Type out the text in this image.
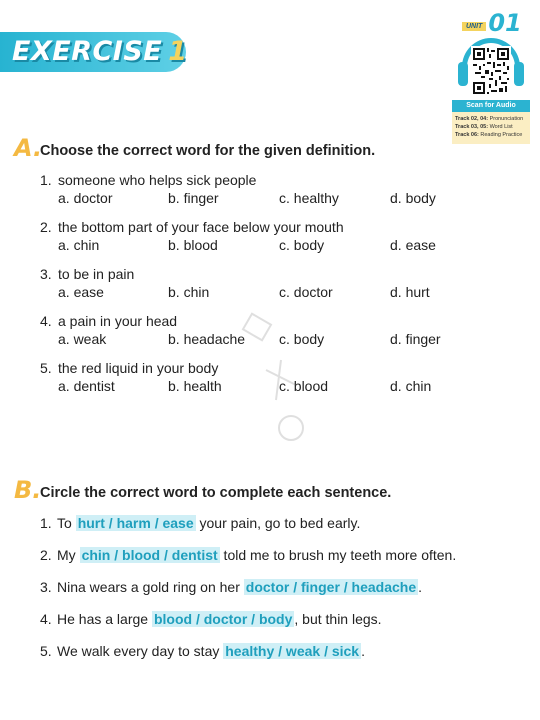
EXERCISE 1
UNIT 01
Scan for Audio
Track 02, 04: Pronunciation
Track 03, 05: Word List
Track 06: Reading Practice
A.
Choose the correct word for the given definition.
1. someone who helps sick people
a. doctor	b. finger	c. healthy	d. body
2. the bottom part of your face below your mouth
a. chin	b. blood	c. body	d. ease
3. to be in pain
a. ease	b. chin	c. doctor	d. hurt
4. a pain in your head
a. weak	b. headache c. body	d. finger
5. the red liquid in your body
a. dentist	b. health	c. blood	d. chin
B.
Circle the correct word to complete each sentence.
1. To hurt / harm / ease your pain, go to bed early.
2. My chin / blood / dentist told me to brush my teeth more often.
3. Nina wears a gold ring on her doctor / finger / headache .
4. He has a large blood / doctor / body , but thin legs.
5. We walk every day to stay healthy / weak / sick .
